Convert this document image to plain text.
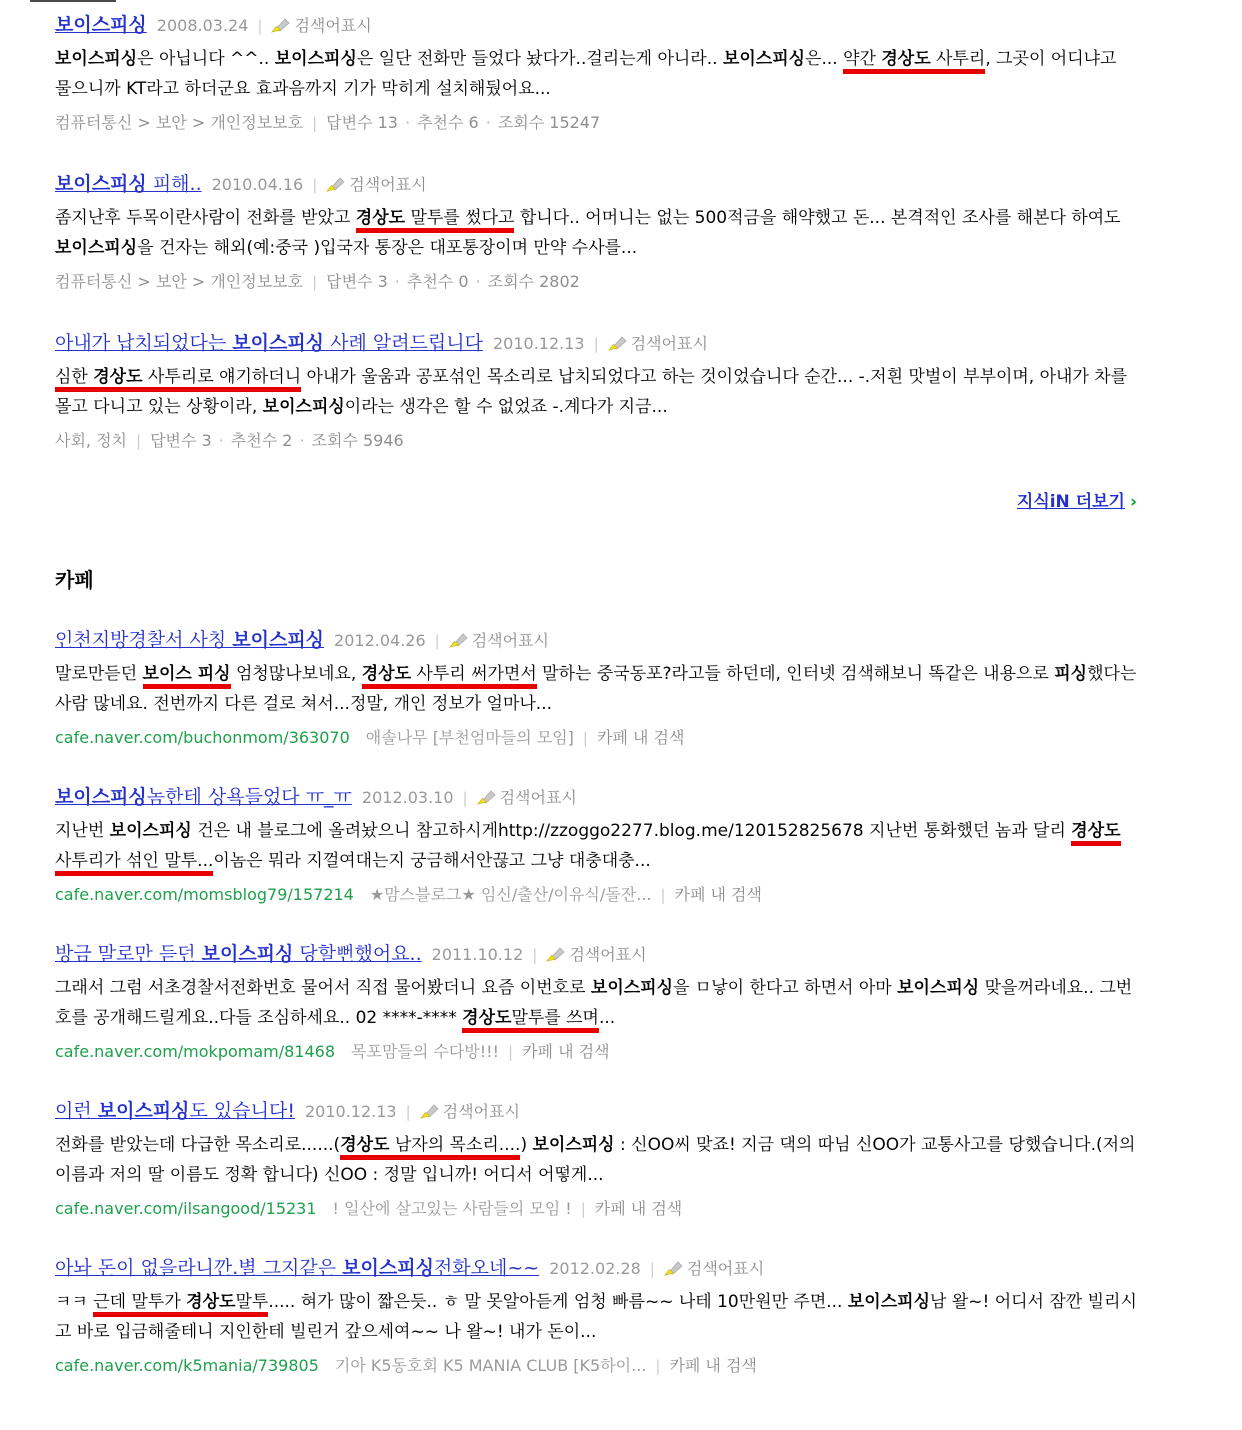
보이스피싱 2008.03.24 | 검색어표시
보이스피싱은 아닙니다 ^^.. 보이스피싱은 일단 전화만 들었다 놨다가..걸리는게 아니라.. 보이스피싱은... 약간 경상도 사투리, 그곳이 어디냐고 물으니까 KT라고 하더군요 효과음까지 기가 막히게 설치해뒀어요...
컴퓨터통신 > 보안 > 개인정보보호 | 답변수 13 · 추천수 6 · 조회수 15247
보이스피싱 피해.. 2010.04.16 | 검색어표시
좀지난후 두목이란사람이 전화를 받았고 경상도 말투를 썼다고 합니다.. 어머니는 없는 500적금을 해약했고 돈... 본격적인 조사를 해본다 하여도 보이스피싱을 건자는 해외(예:중국 )입국자 통장은 대포통장이며 만약 수사를...
컴퓨터통신 > 보안 > 개인정보보호 | 답변수 3 · 추천수 0 · 조회수 2802
아내가 납치되었다는 보이스피싱 사례 알려드립니다 2010.12.13 | 검색어표시
심한 경상도 사투리로 얘기하더니 아내가 울움과 공포섞인 목소리로 납치되었다고 하는 것이었습니다 순간... -.저흰 맛벌이 부부이며, 아내가 차를 몰고 다니고 있는 상황이라, 보이스피싱이라는 생각은 할 수 없었죠 -.계다가 지금...
사회, 정치 | 답변수 3 · 추천수 2 · 조회수 5946
지식iN 더보기 ›
카페
인천지방경찰서 사칭 보이스피싱 2012.04.26 | 검색어표시
말로만듣던 보이스 피싱 엄청많나보네요, 경상도 사투리 써가면서 말하는 중국동포?라고들 하던데, 인터넷 검색해보니 똑같은 내용으로 피싱했다는 사람 많네요. 전번까지 다른 걸로 쳐서...정말, 개인 정보가 얼마나...
cafe.naver.com/buchonmom/363070 애솔나무 [부천엄마들의 모임] | 카페 내 검색
보이스피싱놈한테 상욕들었다 ㅠ_ㅠ 2012.03.10 | 검색어표시
지난번 보이스피싱 건은 내 블로그에 올려놨으니 참고하시게http://zzoggo2277.blog.me/120152825678 지난번 통화했던 놈과 달리 경상도 사투리가 섞인 말투...이놈은 뭐라 지껄여대는지 궁금해서안끊고 그냥 대충대충...
cafe.naver.com/momsblog79/157214 ★맘스블로그★ 임신/출산/이유식/돌잔... | 카페 내 검색
방금 말로만 듣던 보이스피싱 당할뻔했어요.. 2011.10.12 | 검색어표시
그래서 그럼 서초경찰서전화번호 물어서 직접 물어봤더니 요즘 이번호로 보이스피싱을 ㅁ낳이 한다고 하면서 아마 보이스피싱 맞을꺼라네요.. 그번호를 공개해드릴게요..다들 조심하세요.. 02 ****-**** 경상도말투를 쓰며...
cafe.naver.com/mokpomam/81468 목포맘들의 수다방!!! | 카페 내 검색
이런 보이스피싱도 있습니다! 2010.12.13 | 검색어표시
전화를 받았는데 다급한 목소리로......(경상도 남자의 목소리....) 보이스피싱 : 신OO씨 맞죠! 지금 댁의 따님 신OO가 교통사고를 당했습니다.(저의 이름과 저의 딸 이름도 정확 합니다) 신OO : 정말 입니까! 어디서 어떻게...
cafe.naver.com/ilsangood/15231 ! 일산에 살고있는 사람들의 모임 ! | 카페 내 검색
아놔 돈이 없을라니깐.별 그지같은 보이스피싱전화오네~~ 2012.02.28 | 검색어표시
ㅋㅋ 근데 말투가 경상도말투..... 혀가 많이 짧은듯.. ㅎ 말 못알아듣게 엄청 빠름~~ 나테 10만원만 주면... 보이스피싱남 왈~! 어디서 잠깐 빌리시고 바로 입금해줄테니 지인한테 빌린거 갚으세여~~ 나 왈~! 내가 돈이...
cafe.naver.com/k5mania/739805 기아 K5동호회 K5 MANIA CLUB [K5하이... | 카페 내 검색
